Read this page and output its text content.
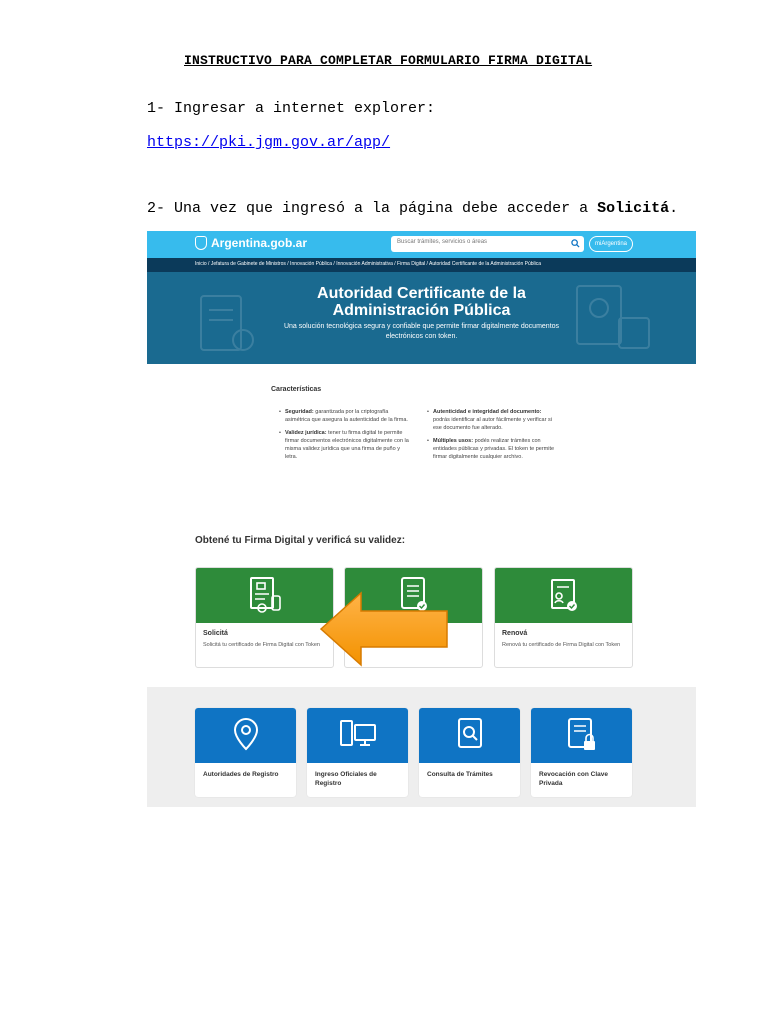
INSTRUCTIVO PARA COMPLETAR FORMULARIO FIRMA DIGITAL
1- Ingresar a internet explorer:
https://pki.jgm.gov.ar/app/
2- Una vez que ingresó a la página debe acceder a Solicitá.
Argentina.gob.ar	Buscar trámites, servicios o áreas	miArgentina
Inicio / Jefatura de Gabinete de Ministros / Innovación Pública / Innovación Administrativa / Firma Digital / Autoridad Certificante de la Administración Pública
Autoridad Certificante de la
Administración Pública
Una solución tecnológica segura y confiable que permite firmar digitalmente documentos electrónicos con token.
Características
• Seguridad: garantizada por la criptografía asimétrica que asegura la autenticidad de la firma.
• Validez jurídica: tener tu firma digital te permite firmar documentos electrónicos digitalmente con la misma validez jurídica que una firma de puño y letra.
• Autenticidad e integridad del documento: podrás identificar al autor fácilmente y verificar si ese documento fue alterado.
• Múltiples usos: podés realizar trámites con entidades públicas y privadas. El token te permite firmar digitalmente cualquier archivo.
Obtené tu Firma Digital y verificá su validez:
Solicitá
Solicitá tu certificado de Firma Digital con Token
Renová
Renová tu certificado de Firma Digital con Token
Autoridades de Registro	Ingreso Oficiales de Registro
Consulta de Trámites	Revocación con Clave Privada
